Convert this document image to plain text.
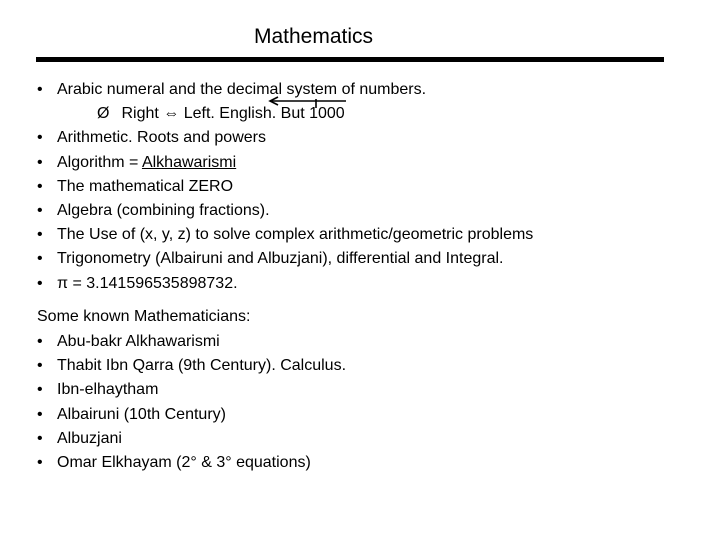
Mathematics
• Arabic numeral and the decimal system of numbers.
Ø Right ⇔ Left. English. But 1000
• Arithmetic. Roots and powers
• Algorithm = Alkhawarismi
• The mathematical ZERO
• Algebra (combining fractions).
• The Use of (x, y, z) to solve complex arithmetic/geometric problems
• Trigonometry (Albairuni and Albuzjani), differential and Integral.
• π = 3.141596535898732.
Some known Mathematicians:
• Abu-bakr Alkhawarismi
• Thabit Ibn Qarra (9th Century). Calculus.
• Ibn-elhaytham
• Albairuni (10th Century)
• Albuzjani
• Omar Elkhayam (2° & 3° equations)
